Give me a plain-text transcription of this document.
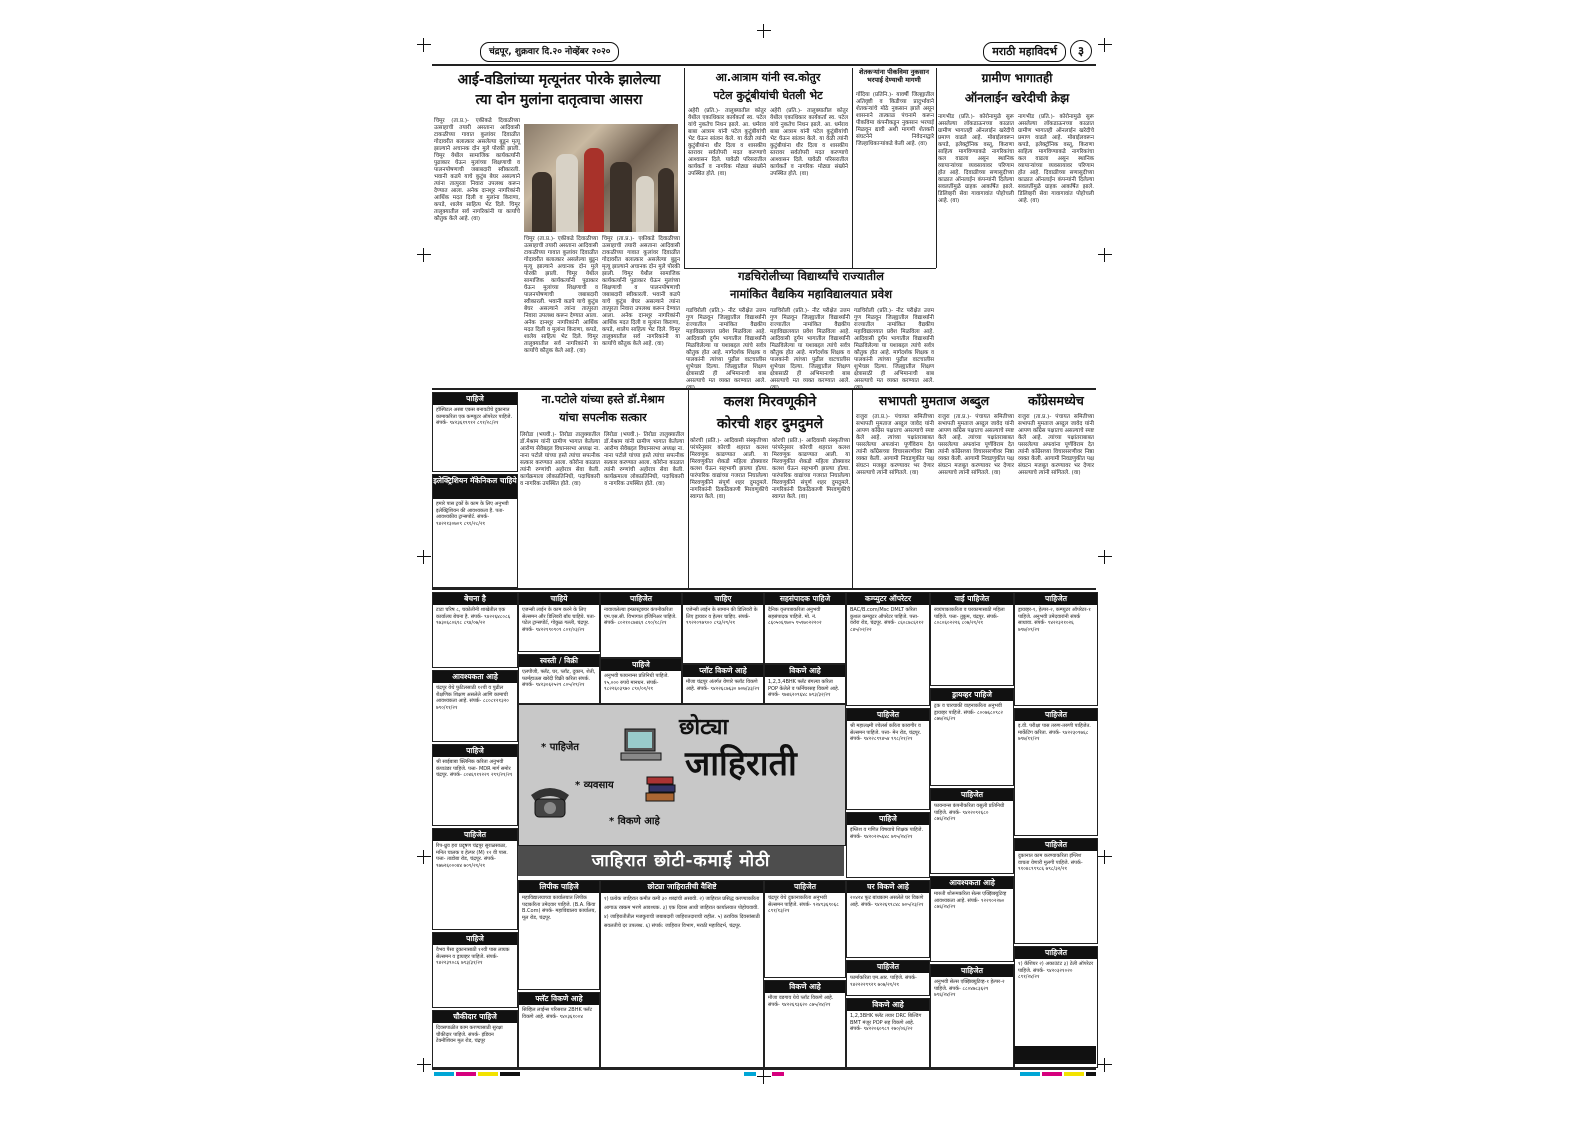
चंद्रपूर, शुक्रवार दि.२० नोव्हेंबर २०२०	मराठी महाविदर्भ	३
आई-वडिलांच्या मृत्यूनंतर पोरके झालेल्या
त्या दोन मुलांना दातृत्वाचा आसरा
चिमूर (ता.प्र.)- एकीकडे दिवाळीच्या उत्साहाची तयारी असताना आदिवासी टाकळीच्या गावात कुलांवर दिवाळीत गोदावरीत बलात्कार असलेल्या बुडून मृत्यू झाल्याने अचानक दोन मुले पोरकी झाली. चिमूर येथील सामाजिक कार्यकर्त्यांनी पुढाकार घेऊन मुलांच्या शिक्षणाची व पालनपोषणाची जबाबदारी स्वीकारली. भवानी कडपे याचे कुटुंब बेघर असल्याने त्यांना तात्पुरता निवारा उपलब्ध करून देण्यात आला. अनेक दानशूर नागरिकांनी आर्थिक मदत दिली व मुलांना किराणा, कपडे, शालेय साहित्य भेट दिले. चिमूर तालुक्यातील सर्व नागरिकांनी या कार्याचे कौतुक केले आहे. (वा)
चिमूर (ता.प्र.)- एकीकडे दिवाळीच्या उत्साहाची तयारी असताना आदिवासी टाकळीच्या गावात कुलांवर दिवाळीत गोदावरीत बलात्कार असलेल्या बुडून मृत्यू झाल्याने अचानक दोन मुले पोरकी झाली. चिमूर येथील सामाजिक कार्यकर्त्यांनी पुढाकार घेऊन मुलांच्या शिक्षणाची व पालनपोषणाची जबाबदारी स्वीकारली. भवानी कडपे याचे कुटुंब बेघर असल्याने त्यांना तात्पुरता निवारा उपलब्ध करून देण्यात आला. अनेक दानशूर नागरिकांनी आर्थिक मदत दिली व मुलांना किराणा, कपडे, शालेय साहित्य भेट दिले. चिमूर तालुक्यातील सर्व नागरिकांनी या कार्याचे कौतुक केले आहे. (वा)
चिमूर (ता.प्र.)- एकीकडे दिवाळीच्या उत्साहाची तयारी असताना आदिवासी टाकळीच्या गावात कुलांवर दिवाळीत गोदावरीत बलात्कार असलेल्या बुडून मृत्यू झाल्याने अचानक दोन मुले पोरकी झाली. चिमूर येथील सामाजिक कार्यकर्त्यांनी पुढाकार घेऊन मुलांच्या शिक्षणाची व पालनपोषणाची जबाबदारी स्वीकारली. भवानी कडपे याचे कुटुंब बेघर असल्याने त्यांना तात्पुरता निवारा उपलब्ध करून देण्यात आला. अनेक दानशूर नागरिकांनी आर्थिक मदत दिली व मुलांना किराणा, कपडे, शालेय साहित्य भेट दिले. चिमूर तालुक्यातील सर्व नागरिकांनी या कार्याचे कौतुक केले आहे. (वा)
आ.आत्राम यांनी स्व.कोतुर
पटेल कुटूंबीयांची घेतली भेट
अहेरी (प्रति.)- तालुक्यातील कोतुर येथील एकाधिकार कार्यकर्ता स्व. पटेल यांचे नुकतेच निधन झाले. आ. धर्मराव बाबा आत्राम यांनी पटेल कुटुंबीयांची भेट घेऊन सांत्वन केले. या वेळी त्यांनी कुटुंबीयांना धीर दिला व शासकीय स्तरावर सर्वतोपरी मदत करण्याचे आश्वासन दिले. यावेळी परिसरातील कार्यकर्ते व नागरिक मोठ्या संख्येने उपस्थित होते. (वा)
अहेरी (प्रति.)- तालुक्यातील कोतुर येथील एकाधिकार कार्यकर्ता स्व. पटेल यांचे नुकतेच निधन झाले. आ. धर्मराव बाबा आत्राम यांनी पटेल कुटुंबीयांची भेट घेऊन सांत्वन केले. या वेळी त्यांनी कुटुंबीयांना धीर दिला व शासकीय स्तरावर सर्वतोपरी मदत करण्याचे आश्वासन दिले. यावेळी परिसरातील कार्यकर्ते व नागरिक मोठ्या संख्येने उपस्थित होते. (वा)
शेतकऱ्यांना पीकविमा नुकसान भरपाई देण्याची मागणी
गोंदिया (प्रतिनि.)- यावर्षी जिल्ह्यातील अतिवृष्टी व किडीच्या प्रादुर्भावाने शेतकऱ्यांचे मोठे नुकसान झाले असून शासनाने तात्काळ पंचनामे करून पीकविमा कंपनीकडून नुकसान भरपाई मिळवून द्यावी अशी मागणी शेतकरी संघटनेने निवेदनाद्वारे जिल्हाधिकाऱ्यांकडे केली आहे. (वा)
ग्रामीण भागातही
ऑनलाईन खरेदीची क्रेझ
नागभीड (प्रति.)- कोरोनामुळे सुरू असलेल्या लॉकडाऊनच्या काळात ग्रामीण भागातही ऑनलाईन खरेदीचे प्रमाण वाढले आहे. मोबाईलवरून कपडे, इलेक्ट्रॉनिक वस्तू, किराणा साहित्य मागविण्याकडे नागरिकांचा कल वाढला असून स्थानिक व्यापाऱ्यांच्या व्यवसायावर परिणाम होत आहे. दिवाळीच्या सणासुदीच्या काळात ऑनलाईन कंपन्यांनी दिलेल्या सवलतींमुळे ग्राहक आकर्षित झाले. डिलिव्हरी सेवा गावागावांत पोहोचली आहे. (वा)
नागभीड (प्रति.)- कोरोनामुळे सुरू असलेल्या लॉकडाऊनच्या काळात ग्रामीण भागातही ऑनलाईन खरेदीचे प्रमाण वाढले आहे. मोबाईलवरून कपडे, इलेक्ट्रॉनिक वस्तू, किराणा साहित्य मागविण्याकडे नागरिकांचा कल वाढला असून स्थानिक व्यापाऱ्यांच्या व्यवसायावर परिणाम होत आहे. दिवाळीच्या सणासुदीच्या काळात ऑनलाईन कंपन्यांनी दिलेल्या सवलतींमुळे ग्राहक आकर्षित झाले. डिलिव्हरी सेवा गावागावांत पोहोचली आहे. (वा)
गडचिरोलीच्या विद्यार्थ्यांचे राज्यातील
नामांकित वैद्यकिय महाविद्यालयात प्रवेश
गडचिरोली (प्रति.)- नीट परीक्षेत उत्तम गुण मिळवून जिल्ह्यातील विद्यार्थ्यांनी राज्यातील नामांकित वैद्यकीय महाविद्यालयात प्रवेश मिळविला आहे. आदिवासी दुर्गम भागातील विद्यार्थ्यांनी मिळविलेल्या या यशाबद्दल त्यांचे सर्वत्र कौतुक होत आहे. मार्गदर्शक शिक्षक व पालकांनी त्यांच्या पुढील वाटचालीस शुभेच्छा दिल्या. जिल्ह्यातील शिक्षण क्षेत्रासाठी ही अभिमानाची बाब असल्याचे मत व्यक्त करण्यात आले.
गडचिरोली (प्रति.)- नीट परीक्षेत उत्तम गुण मिळवून जिल्ह्यातील विद्यार्थ्यांनी राज्यातील नामांकित वैद्यकीय महाविद्यालयात प्रवेश मिळविला आहे. आदिवासी दुर्गम भागातील विद्यार्थ्यांनी मिळविलेल्या या यशाबद्दल त्यांचे सर्वत्र कौतुक होत आहे. मार्गदर्शक शिक्षक व पालकांनी त्यांच्या पुढील वाटचालीस शुभेच्छा दिल्या. जिल्ह्यातील शिक्षण क्षेत्रासाठी ही अभिमानाची बाब असल्याचे मत व्यक्त करण्यात आले.
गडचिरोली (प्रति.)- नीट परीक्षेत उत्तम गुण मिळवून जिल्ह्यातील विद्यार्थ्यांनी राज्यातील नामांकित वैद्यकीय महाविद्यालयात प्रवेश मिळविला आहे. आदिवासी दुर्गम भागातील विद्यार्थ्यांनी मिळविलेल्या या यशाबद्दल त्यांचे सर्वत्र कौतुक होत आहे. मार्गदर्शक शिक्षक व पालकांनी त्यांच्या पुढील वाटचालीस शुभेच्छा दिल्या. जिल्ह्यातील शिक्षण क्षेत्रासाठी ही अभिमानाची बाब असल्याचे मत व्यक्त करण्यात आले.
पाहिजे
हॉस्पिटल अस्त्रा एकस बनावटीचे दुकानात कामाकरिता एक कम्प्युटर ऑपरेटर पाहिजे. संपर्क- ९४२३६१९९१२ ८९१/२८/२१
इलेक्ट्रिशियन मॅकेनिकल चाहिये
हमारे पास ट्रकों के काम के लिए अनुभवी इलेक्ट्रिशियन की आवश्यकता है. पता- आवश्यकीय ट्रान्सपोर्ट. संपर्क- ९४२२१३०७०९ ८९१/२८/२१
ना.पटोले यांच्या हस्ते डॉ.मेश्राम
यांचा सपत्नीक सत्कार
लिरोडा (भयवी.)- तिरोडा तालुक्यातील डॉ.मेश्राम यांनी ग्रामीण भागात केलेल्या आरोग्य सेवेबद्दल विधानसभा अध्यक्ष ना. नाना पटोले यांच्या हस्ते त्यांचा सपत्नीक सत्कार करण्यात आला. कोरोना काळात त्यांनी रुग्णांची अहोरात्र सेवा केली. कार्यक्रमाला लोकप्रतिनिधी, पदाधिकारी व नागरिक उपस्थित होते. (वा)
लिरोडा (भयवी.)- तिरोडा तालुक्यातील डॉ.मेश्राम यांनी ग्रामीण भागात केलेल्या आरोग्य सेवेबद्दल विधानसभा अध्यक्ष ना. नाना पटोले यांच्या हस्ते त्यांचा सपत्नीक सत्कार करण्यात आला. कोरोना काळात त्यांनी रुग्णांची अहोरात्र सेवा केली. कार्यक्रमाला लोकप्रतिनिधी, पदाधिकारी व नागरिक उपस्थित होते. (वा)
कलश मिरवणूकीने
कोरची शहर दुमदुमले
कोरची (प्रति.)- आदिवासी संस्कृतीच्या परंपरेनुसार कोरची शहरात कलश मिरवणूक काढण्यात आली. या मिरवणुकीत शेकडो महिला डोक्यावर कलश घेऊन सहभागी झाल्या होत्या. पारंपारिक वाद्यांच्या गजरात निघालेल्या मिरवणुकीने संपूर्ण शहर दुमदुमले. नागरिकांनी ठिकठिकाणी मिरवणुकीचे स्वागत केले. (वा)
कोरची (प्रति.)- आदिवासी संस्कृतीच्या परंपरेनुसार कोरची शहरात कलश मिरवणूक काढण्यात आली. या मिरवणुकीत शेकडो महिला डोक्यावर कलश घेऊन सहभागी झाल्या होत्या. पारंपारिक वाद्यांच्या गजरात निघालेल्या मिरवणुकीने संपूर्ण शहर दुमदुमले. नागरिकांनी ठिकठिकाणी मिरवणुकीचे स्वागत केले. (वा)
सभापती मुमताज अब्दुल	काँग्रेसमध्येच
राजुरा (ता.प्र.)- पंचायत समितीच्या सभापती मुमताज अब्दुल जावेद यांनी आपण काँग्रेस पक्षातच असल्याचे स्पष्ट केले आहे. त्यांच्या पक्षांतराबाबत पसरलेल्या अफवांना पूर्णविराम देत त्यांनी काँग्रेसच्या विचारसरणीवर निष्ठा व्यक्त केली. आगामी निवडणुकीत पक्ष संघटन मजबूत करण्यावर भर देणार असल्याचे त्यांनी सांगितले. (वा)
राजुरा (ता.प्र.)- पंचायत समितीच्या सभापती मुमताज अब्दुल जावेद यांनी आपण काँग्रेस पक्षातच असल्याचे स्पष्ट केले आहे. त्यांच्या पक्षांतराबाबत पसरलेल्या अफवांना पूर्णविराम देत त्यांनी काँग्रेसच्या विचारसरणीवर निष्ठा व्यक्त केली. आगामी निवडणुकीत पक्ष संघटन मजबूत करण्यावर भर देणार असल्याचे त्यांनी सांगितले. (वा)
राजुरा (ता.प्र.)- पंचायत समितीच्या सभापती मुमताज अब्दुल जावेद यांनी आपण काँग्रेस पक्षातच असल्याचे स्पष्ट केले आहे. त्यांच्या पक्षांतराबाबत पसरलेल्या अफवांना पूर्णविराम देत त्यांनी काँग्रेसच्या विचारसरणीवर निष्ठा व्यक्त केली. आगामी निवडणुकीत पक्ष संघटन मजबूत करण्यावर भर देणार असल्याचे त्यांनी सांगितले. (वा)
बेचना है
टाटा चरिष ८, चकोलीनी शाखेतील एक कार्यालय बेचना है. संपर्क- ९४२२६४८०८६ ९७३०६८०६९८ ८९४/०७/२२
आवश्यकता आहे
चंद्रपूर येथे फुटिलसाठी १२वी व पुढील शैक्षणिक शिक्षण असलेले आणि कामाची आवश्यकता आहे. संपर्क- ८८०८१२१३२० ७९०/११/२१
पाहिजे
श्री साईबाबा क्लिनिक करिता अनुभवी कंपाउंडर पाहिजे. पत्ता- MDR मार्ग समोर चंद्रपूर. संपर्क- ८०४६९११२२१ २९९/२१/२१
पाहिजेत
रिप-ध्रुव हरा प्रदूषण चंद्रपूर सुराळसाळा, मनित चालक व हेल्पर (M) १२ वी पास. पत्ता- ताडोबा रोड, चंद्रपूर. संपर्क- ९७७२६०००४४ ७०९/२१/२१
पाहिजे
वैभव पैसा दुकानासाठी १२वी पास लायक सेल्समन व ड्रायव्हर पाहिजे. संपर्क- ९४२२३९०८६ ७९३/३१/२१
चौकीदार पाहिजे
दिवसपाळीत काम करण्यासाठी सुरक्षा चौकीदार पाहिजे. संपर्क- इंडियन टेक्नीशियन मूल रोड, चंद्रपूर
चाहिये
एजन्सी लाईन के काम करने के लिए सेल्समन और डिलिवरी बॉय चाहिये. पता- पटेल ट्रान्सपोर्ट, गोकुळ गल्ली, चंद्रपूर. संपर्क- ९४२२१९०९०९ ८०१/०३/२१
स्वस्ती / विक्री
एलपीजी, फ्लॅट, घर, प्लॉट, दुकान, शेती, फार्महाऊस खरेदी विक्री करिता संपर्क. संपर्क- ९४२३०६२५२९ ८०५/२९/२१
पाहिजेत
नावाजलेल्या इन्फ्रास्ट्रक्चर कंपनीकरिता एम.एस.सी. विभागात इंजिनिअर पाहिजे. संपर्क- ८०२१०८७४६९ ८९०/१८/२१
पाहिजे
अनुभवी फायनान्स प्रतिनिधी पाहिजे. १५,००० रुपये मानधन. संपर्क- ९८२२६०३९७० ८९०/०१/२१
चाहिए
एजेन्सी लाईन के सामान की डिलिवरी के लिए ड्रायवर व हेल्पर चाहिए. संपर्क- ९९२२०९७९०० ८९३/२९/२१
प्लॉट विकणे आहे
मौजा चंद्रपूर अंतर्गत येणारे फ्लॉट विकणे आहे. संपर्क- ९४२२६८७६३० ७०७/३३/२१
सहसंपादक पाहिजे
दैनिक वृत्तपत्राकरिता अनुभवी सहसंपादक पाहिजे. मो. नं. ८६०५०६९७०५ ९५९७०२२२०२
विकणे आहे
1,2,3,4BHK फ्लॅट बंगल्या करिता POP केलेले व फर्निचरसह विकणे आहे. संपर्क- ९७४६२०९६४८ ७९३/३२/२१
कम्प्युटर ऑपरेटर
BAC/B.com/Msc DMLT करिता कुशल कम्प्युटर ऑपरेटर पाहिजे. पत्ता- वरोरा रोड, चंद्रपूर. संपर्क- ८६०८७८६२१२ ८४५/०२/२२
पाहिजेत
श्री महालक्ष्मी ज्वेलर्स करिता कारागीर व सेल्समन पाहिजे. पत्ता- मेन रोड, चंद्रपूर. संपर्क- ९४२२८९९४५४ ९९८/२१/२१
वाई पाहिजेत
स्वयंपाकाकरिता व घरकामासाठी महिला पाहिजे. पत्ता- तुकुम, चंद्रपूर. संपर्क- ८०८०६०२२२६ ८०७/२१/२१
ड्रायव्हर पाहिजे
ट्रक व चारचाकी वाहनाकरिता अनुभवी ड्रायव्हर पाहिजे. संपर्क- ८००७६८०९८२ ८७७/२६/२१
पाहिजेत
फायनान्स कंपनीकरिता वसुली प्रतिनिधी पाहिजे. संपर्क- ९४२२०९२६८० ८७६/२४/२१
पाहिजे
इंग्लिश व गणित विषयाचे शिक्षक पाहिजे. संपर्क- ९४२०२२५६४८ ७९५/२४/२१
पाहिजेत
ड्रायव्हर-१, हेल्पर-२, कम्प्युटर ऑपरेटर-१ पाहिजे. अनुभवी उमेदवारांनी संपर्क साधावा. संपर्क- ९४२२३२१०२६ ७९७/०९/२१
पाहिजेत
इ.वी. परीक्षा पास तरुण-तरुणी पाहिजेत. मार्केटिंग करिता. संपर्क- ९४२२३०९७६८ ७९७/११/२१
पाहिजेत
दुकानात काम करण्याकरिता इंग्लिश वाचता येणारी मुलगी पाहिजे. संपर्क- ९१०४८९९९८६ ७९८/३२/२१
पाहिजेत
१) कॅशियर २) अकाउंटंट ३) टेली ऑपरेटर पाहिजे. संपर्क- ९४२०३२१०२० ८९१/२४/२१
छोट्या
जाहिराती
* पाहिजेत
* व्यवसाय
* विकणे आहे
जाहिरात छोटी-कमाई मोठी
लिपीक पाहिजे
महाविद्यालयाच्या कार्यालयात लिपीक पदाकरिता उमेदवार पाहिजे. (B.A. किंवा B.Com) संपर्क- महाविद्यालय कार्यालय, मूल रोड, चंद्रपूर.
फ्लॅट विकणे आहे
सिव्हिल लाईन्स परिसरात 2BHK फ्लॅट विकणे आहे. संपर्क- ९४०३६१००४
छोट्या जाहिरातीची वैशिष्टे
१) प्रत्येक जाहिरात कमीत कमी ३० शब्दांची असावी. २) जाहिरात प्रसिद्ध करण्याकरिता आगाऊ रक्कम भरणे आवश्यक. ३) एक दिवस आधी जाहिरात कार्यालयात पोहोचवावी. ४) जाहिरातीतील मजकुराची जबाबदारी जाहिरातदाराची राहील. ५) ठराविक दिवसांसाठी सवलतीचे दर उपलब्ध. ६) संपर्क: जाहिरात विभाग, मराठी महाविदर्भ, चंद्रपूर.
पाहिजेत
चंद्रपूर येथे दुकानाकरिता अनुभवी सेल्समन पाहिजे. संपर्क- ९२४९३६९०६८ ८९१/१३/२१
विकणे आहे
मौजा वडगाव येथे प्लॉट विकणे आहे. संपर्क- ९४२२६९३६२० ८७५/२४/२१
घर विकणे आहे
२०४२४ फूट बांधकाम असलेले घर विकणे आहे. संपर्क- ९४२२६९९८४८ ७०५/२३/२१
पाहिजेत
फार्माकरिता एम.आर. पाहिजे. संपर्क- ९४२२२२९९२९ ७०७/२१/२१
विकणे आहे
1,2,3BHK फ्लॅट तयार DRC बिल्डिंग BMT मंजूर POP सह विकणे आहे. संपर्क- ९४२२०६०९८९ २७०/०६/२२
आवश्यकता आहे
मारुती शोरूमकरिता सेल्स एक्झिक्युटिव्ह आवश्यकता आहे. संपर्क- ९२२१०२२७० ८७६/२४/२१
पाहिजेत
अनुभवी सेल्स एक्झिक्युटिव्ह-१ हेल्पर-२ पाहिजे. संपर्क- ८८०४७८३६२९ ७९६/२४/२१
